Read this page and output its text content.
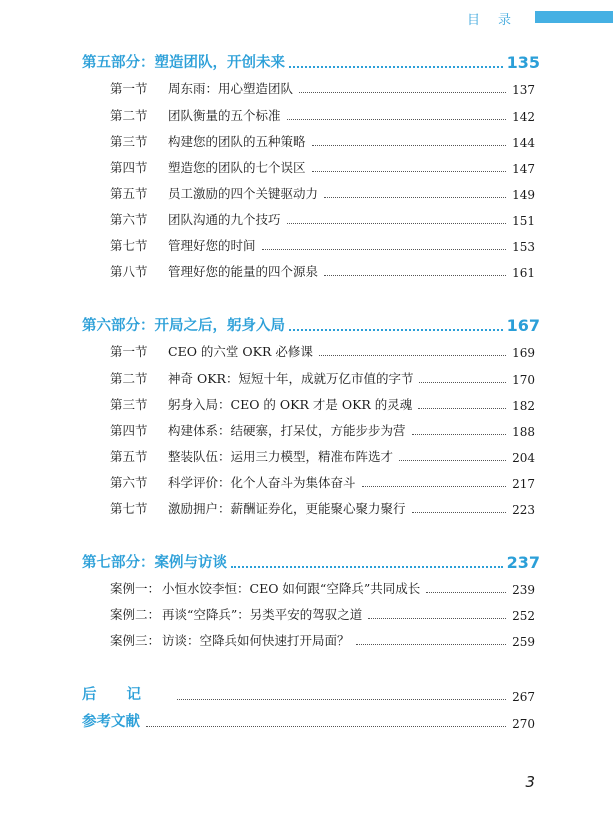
目录
第五部分：塑造团队，开创未来	135
第一节	周东雨：用心塑造团队	137
第二节	团队衡量的五个标准	142
第三节	构建您的团队的五种策略	144
第四节	塑造您的团队的七个误区	147
第五节	员工激励的四个关键驱动力	149
第六节	团队沟通的九个技巧	151
第七节	管理好您的时间	153
第八节	管理好您的能量的四个源泉	161
第六部分：开局之后，躬身入局	167
第一节	CEO 的六堂 OKR 必修课	169
第二节	神奇 OKR：短短十年，成就万亿市值的字节	170
第三节	躬身入局：CEO 的 OKR 才是 OKR 的灵魂	182
第四节	构建体系：结硬寨，打呆仗，方能步步为营	188
第五节	整装队伍：运用三力模型，精准布阵选才	204
第六节	科学评价：化个人奋斗为集体奋斗	217
第七节	激励拥户：薪酬证券化，更能聚心聚力聚行	223
第七部分：案例与访谈	237
案例一： 小恒水饺李恒：CEO 如何跟“空降兵”共同成长	239
案例二： 再谈“空降兵”：另类平安的驾驭之道	252
案例三： 访谈：空降兵如何快速打开局面？	259
后记	267
参考文献	270
3
